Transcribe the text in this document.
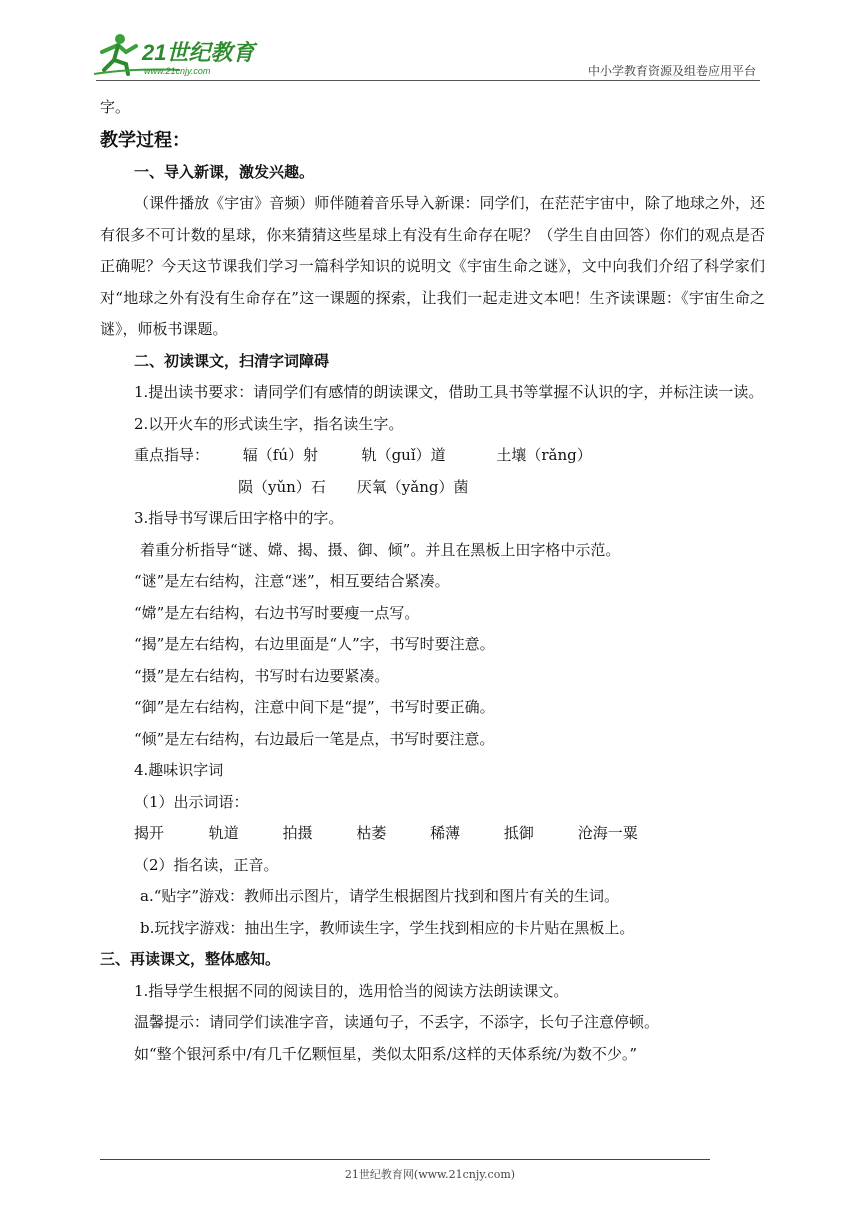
21世纪教育
www.21cnjy.com	中小学教育资源及组卷应用平台
字。
教学过程：
一、导入新课，激发兴趣。
（课件播放《宇宙》音频）师伴随着音乐导入新课：同学们，在茫茫宇宙中，除了地球之外，还有很多不可计数的星球，你来猜猜这些星球上有没有生命存在呢？（学生自由回答）你们的观点是否正确呢？今天这节课我们学习一篇科学知识的说明文《宇宙生命之谜》，文中向我们介绍了科学家们对“地球之外有没有生命存在”这一课题的探索，让我们一起走进文本吧！生齐读课题：《宇宙生命之谜》，师板书课题。
二、初读课文，扫清字词障碍
1.提出读书要求：请同学们有感情的朗读课文，借助工具书等掌握不认识的字，并标注读一读。
2.以开火车的形式读生字，指名读生字。
重点指导： 辐（fú）射	轨（guǐ）道	土壤（rǎng）
陨（yǔn）石 厌氧（yǎng）菌
3.指导书写课后田字格中的字。
着重分析指导“谜、嫦、揭、摄、御、倾”。并且在黑板上田字格中示范。
“谜”是左右结构，注意“迷”，相互要结合紧凑。
“嫦”是左右结构，右边书写时要瘦一点写。
“揭”是左右结构，右边里面是“人”字，书写时要注意。
“摄”是左右结构，书写时右边要紧凑。
“御”是左右结构，注意中间下是“提”，书写时要正确。
“倾”是左右结构，右边最后一笔是点，书写时要注意。
4.趣味识字词
（1）出示词语：
揭开	轨道	拍摄	枯萎	稀薄	抵御	沧海一粟
（2）指名读，正音。
a.“贴字”游戏：教师出示图片，请学生根据图片找到和图片有关的生词。
b.玩找字游戏：抽出生字，教师读生字，学生找到相应的卡片贴在黑板上。
三、再读课文，整体感知。
1.指导学生根据不同的阅读目的，选用恰当的阅读方法朗读课文。
温馨提示：请同学们读准字音，读通句子，不丢字，不添字，长句子注意停顿。
如“整个银河系中/有几千亿颗恒星，类似太阳系/这样的天体系统/为数不少。”
21世纪教育网(www.21cnjy.com)
